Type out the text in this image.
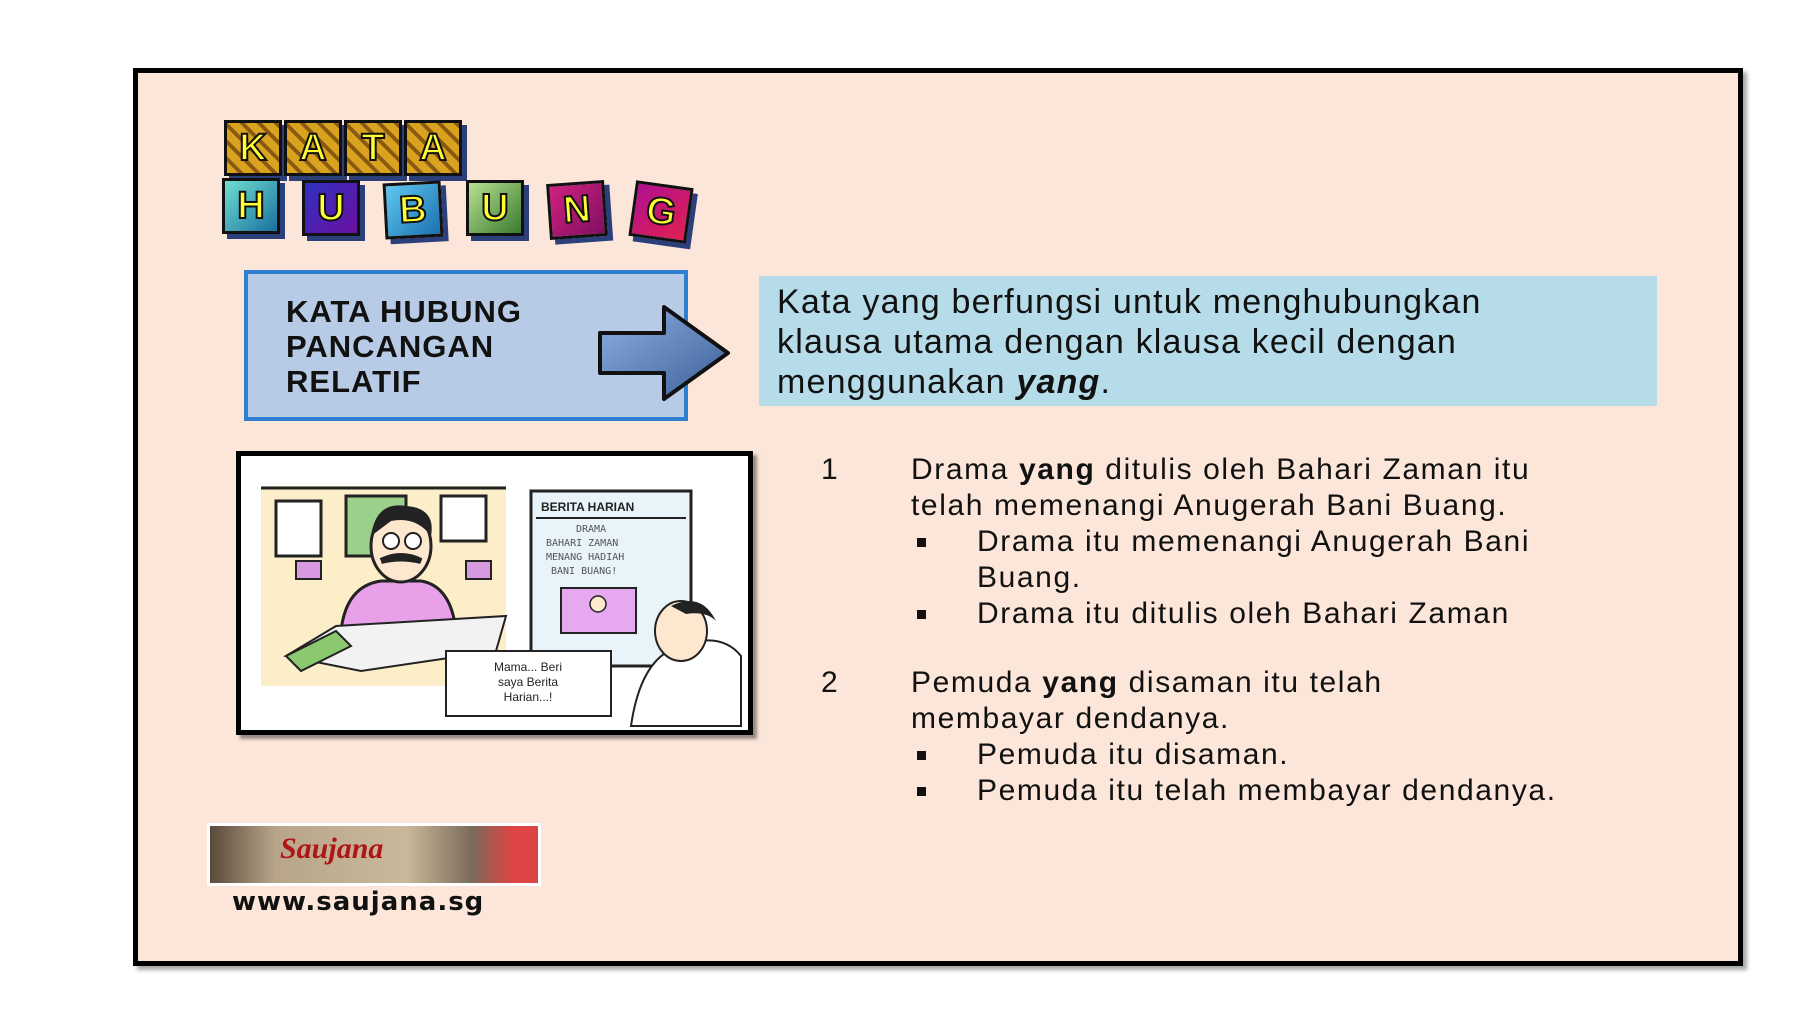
K A T A
H	U	B	U	N	G
KATA HUBUNG
PANCANGAN
RELATIF
Kata yang berfungsi untuk menghubungkan
klausa utama dengan klausa kecil dengan
menggunakan yang.
BERITA HARIAN
DRAMA
BAHARI ZAMAN
MENANG HADIAH
BANI BUANG!
Mama... Beri
saya Berita
Harian...!
1 Drama yang ditulis oleh Bahari Zaman itu
telah memenangi Anugerah Bani Buang.
Drama itu memenangi Anugerah Bani
Buang.
Drama itu ditulis oleh Bahari Zaman
2 Pemuda yang disaman itu telah
membayar dendanya.
Pemuda itu disaman.
Pemuda itu telah membayar dendanya.
Saujana
www.saujana.sg
